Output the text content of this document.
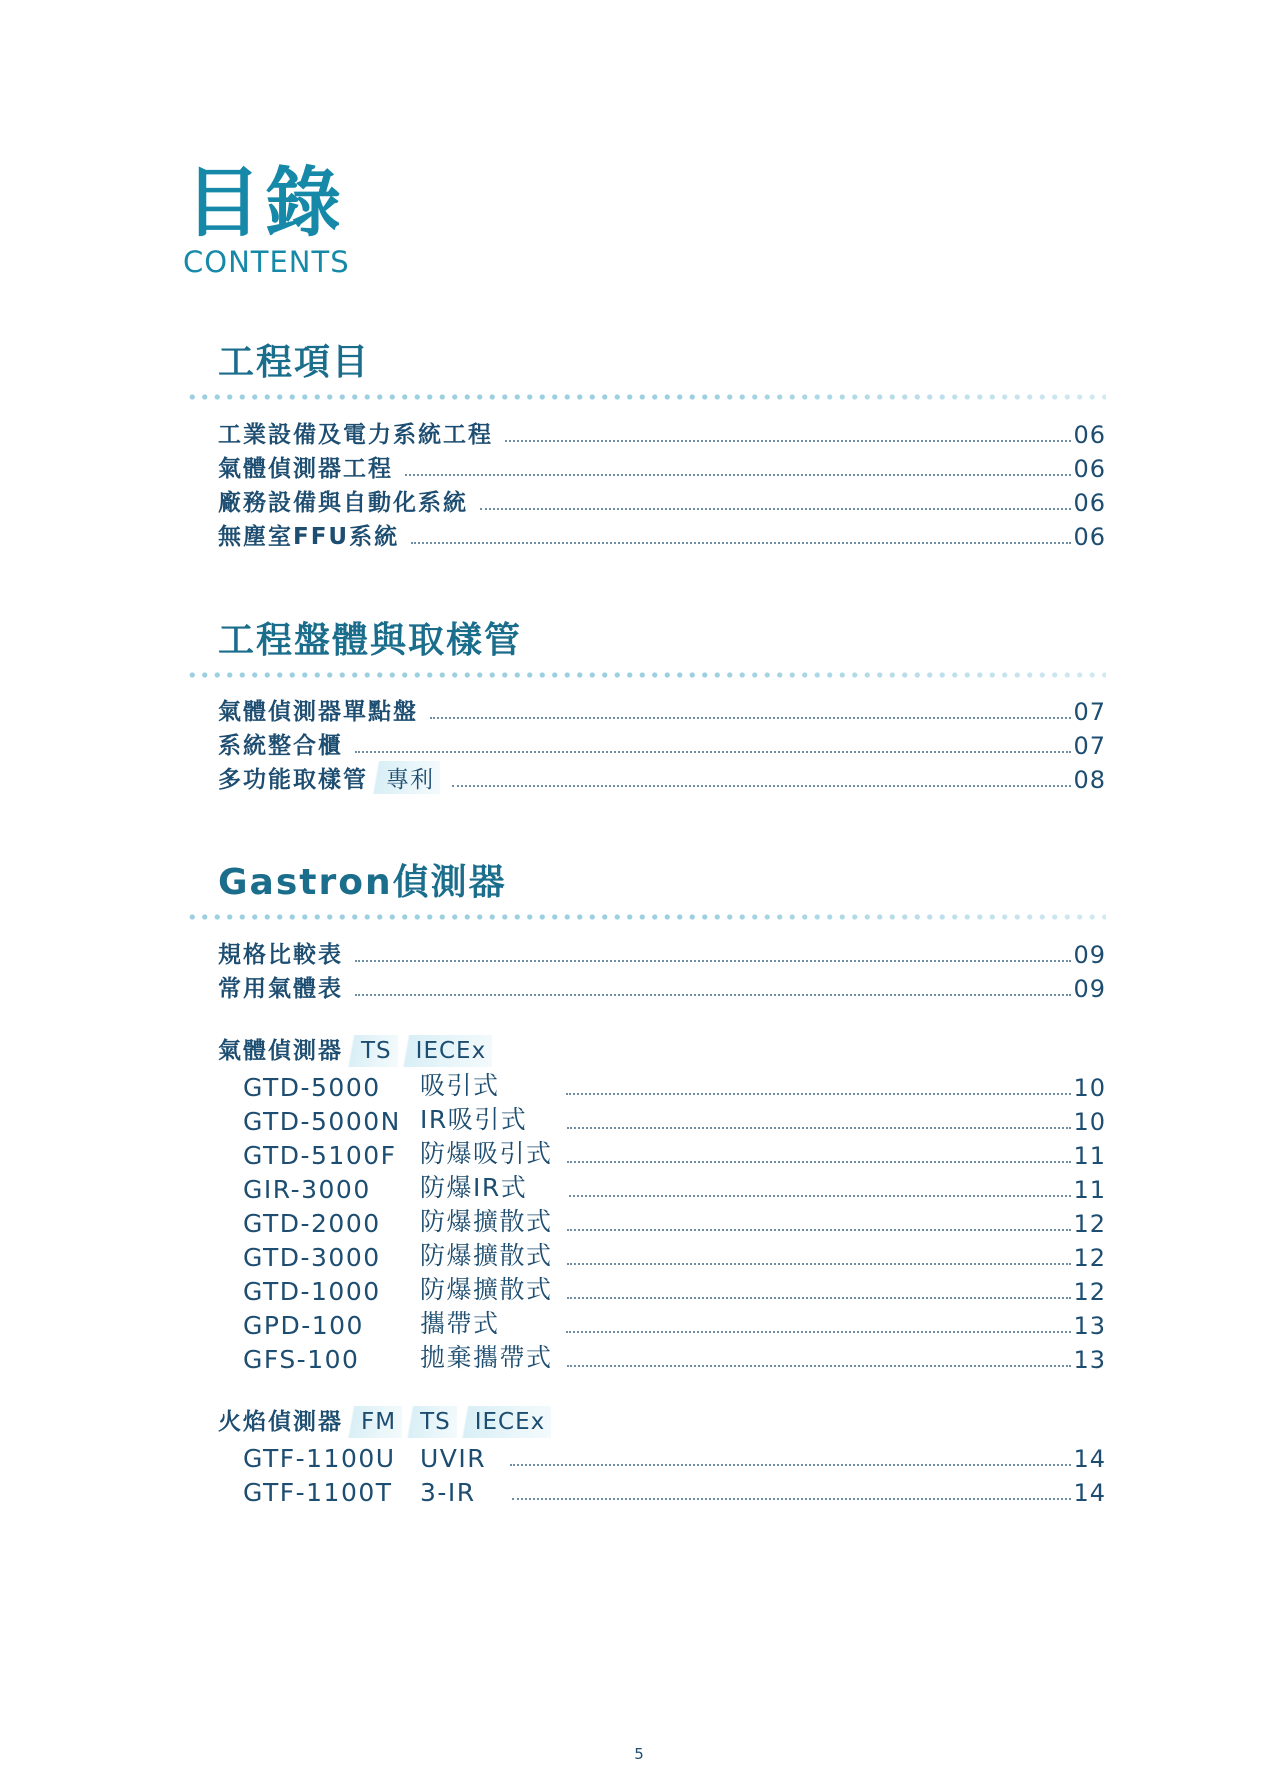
目錄
CONTENTS
工程項目
工業設備及電力系統工程	06
氣體偵測器工程	06
廠務設備與自動化系統	06
無塵室FFU系統	06
工程盤體與取樣管
氣體偵測器單點盤	07
系統整合櫃	07
多功能取樣管 專利	08
Gastron偵測器
規格比較表	09
常用氣體表	09
氣體偵測器 TS IECEx
GTD-5000	吸引式	10
GTD-5000N IR吸引式	10
GTD-5100F 防爆吸引式	11
GIR-3000	防爆IR式	11
GTD-2000	防爆擴散式	12
GTD-3000	防爆擴散式	12
GTD-1000	防爆擴散式	12
GPD-100	攜帶式	13
GFS-100	拋棄攜帶式	13
火焰偵測器 FM TS IECEx
GTF-1100U UVIR	14
GTF-1100T	3-IR	14
5
